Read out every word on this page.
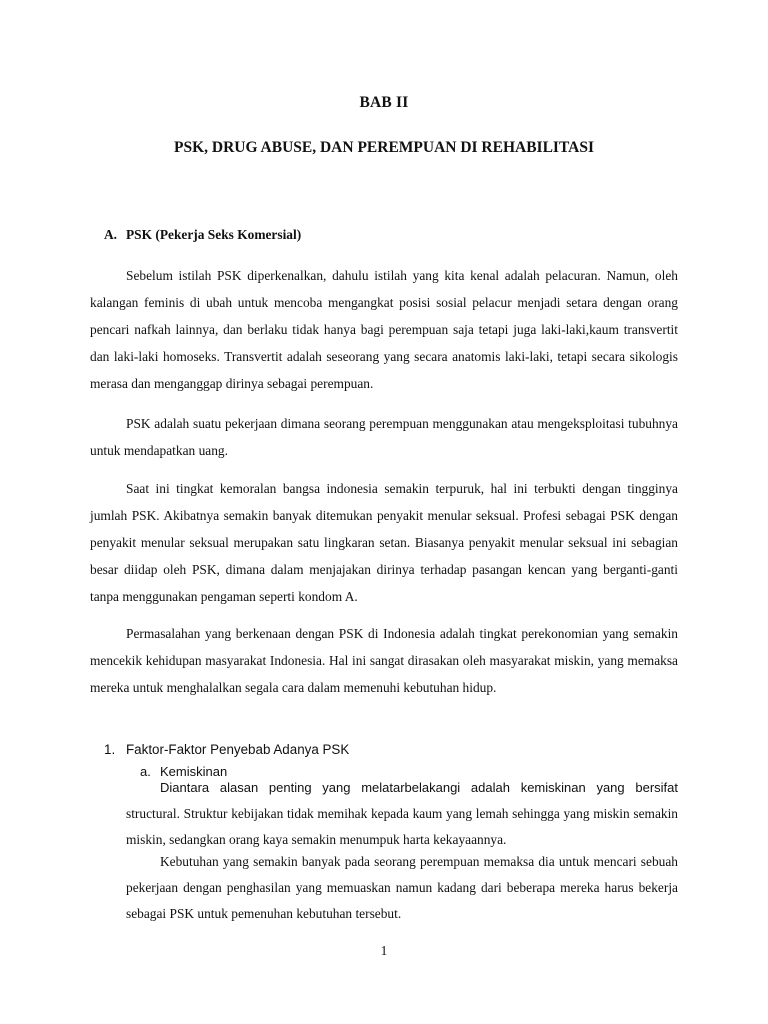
BAB II
PSK, DRUG ABUSE, DAN PEREMPUAN DI REHABILITASI
A. PSK (Pekerja Seks Komersial)

Sebelum istilah PSK diperkenalkan, dahulu istilah yang kita kenal adalah pelacuran. Namun, oleh kalangan feminis di ubah untuk mencoba mengangkat posisi sosial pelacur menjadi setara dengan orang pencari nafkah lainnya, dan berlaku tidak hanya bagi perempuan saja tetapi juga laki-laki,kaum transvertit dan laki-laki homoseks. Transvertit adalah seseorang yang secara anatomis laki-laki, tetapi secara sikologis merasa dan menganggap dirinya sebagai perempuan.

PSK adalah suatu pekerjaan dimana seorang perempuan menggunakan atau mengeksploitasi tubuhnya untuk mendapatkan uang.

Saat ini tingkat kemoralan bangsa indonesia semakin terpuruk, hal ini terbukti dengan tingginya jumlah PSK. Akibatnya semakin banyak ditemukan penyakit menular seksual. Profesi sebagai PSK dengan penyakit menular seksual merupakan satu lingkaran setan. Biasanya penyakit menular seksual ini sebagian besar diidap oleh PSK, dimana dalam menjajakan dirinya terhadap pasangan kencan yang berganti-ganti tanpa menggunakan pengaman seperti kondom A.

Permasalahan yang berkenaan dengan PSK di Indonesia adalah tingkat perekonomian yang semakin mencekik kehidupan masyarakat Indonesia. Hal ini sangat dirasakan oleh masyarakat miskin, yang memaksa mereka untuk menghalalkan segala cara dalam memenuhi kebutuhan hidup.

1. Faktor-Faktor Penyebab Adanya PSK
a. Kemiskinan

Diantara alasan penting yang melatarbelakangi adalah kemiskinan yang bersifat structural. Struktur kebijakan tidak memihak kepada kaum yang lemah sehingga yang miskin semakin miskin, sedangkan orang kaya semakin menumpuk harta kekayaannya.

Kebutuhan yang semakin banyak pada seorang perempuan memaksa dia untuk mencari sebuah pekerjaan dengan penghasilan yang memuaskan namun kadang dari beberapa mereka harus bekerja sebagai PSK untuk pemenuhan kebutuhan tersebut.

1
